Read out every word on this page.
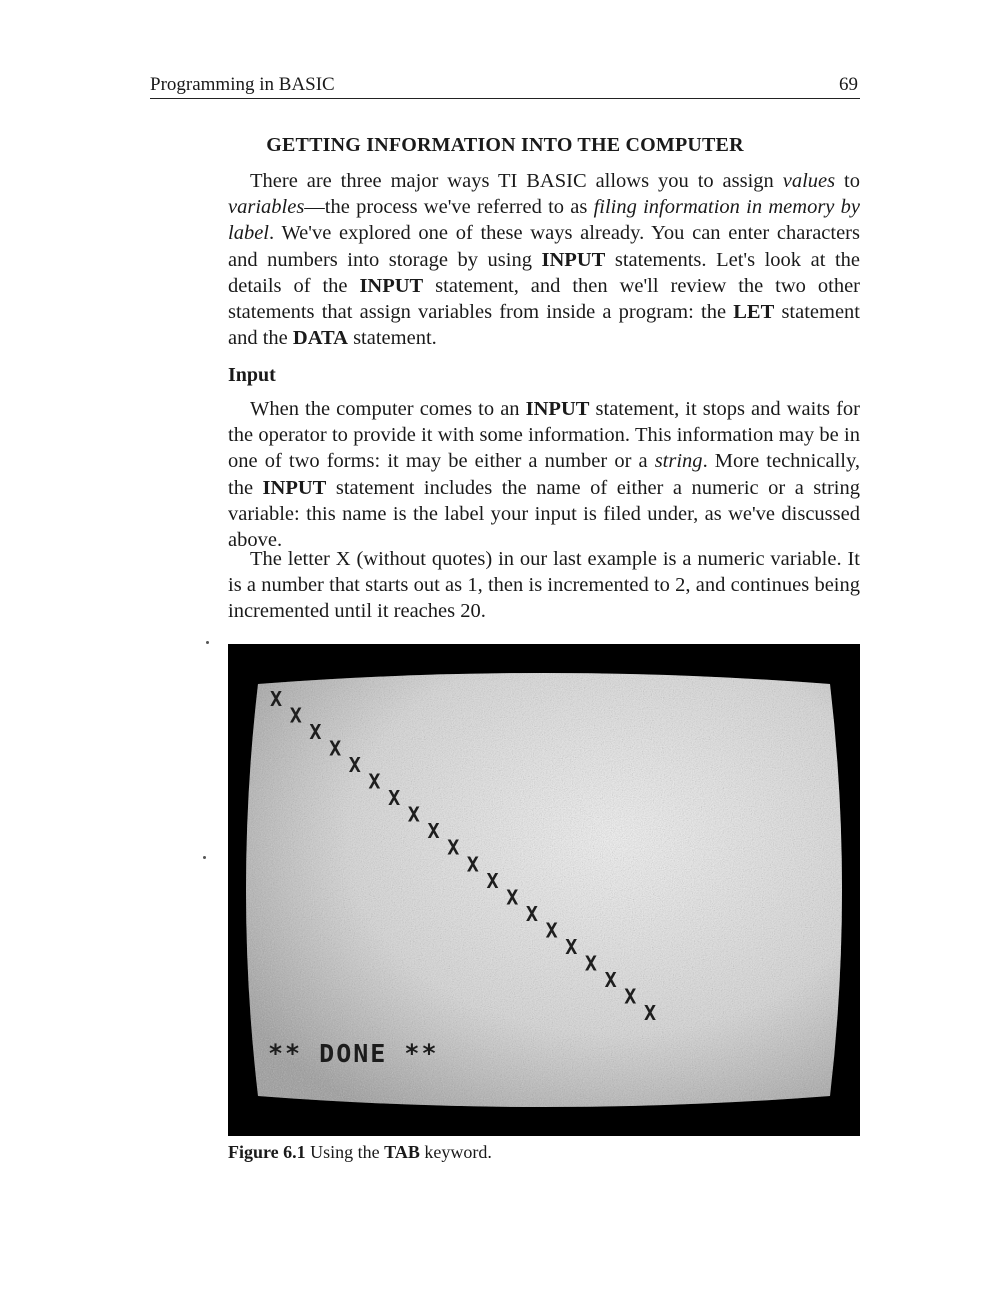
Programming in BASIC	69
GETTING INFORMATION INTO THE COMPUTER
There are three major ways TI BASIC allows you to assign values to variables—the process we've referred to as filing information in memory by label. We've explored one of these ways already. You can enter characters and numbers into storage by using INPUT statements. Let's look at the details of the INPUT statement, and then we'll review the two other statements that assign variables from inside a program: the LET statement and the DATA statement.
Input
When the computer comes to an INPUT statement, it stops and waits for the operator to provide it with some information. This information may be in one of two forms: it may be either a number or a string. More technically, the INPUT statement includes the name of either a numeric or a string variable: this name is the label your input is filed under, as we've discussed above.
The letter X (without quotes) in our last example is a numeric variable. It is a number that starts out as 1, then is incremented to 2, and continues being incremented until it reaches 20.
X
X
X
X
X
X
X
X
X
X
X
X
X
X
X
X
X
X
X
X
** DONE **
Figure 6.1 Using the TAB keyword.
